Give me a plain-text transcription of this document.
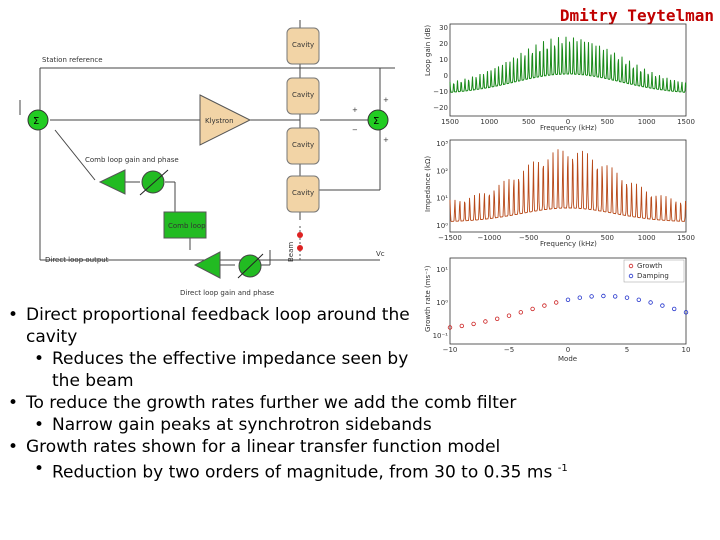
Dmitry Teytelman
Station reference
Σ	Klystron
Cavity
Cavity
Cavity
Cavity
Σ
+
+
+
−
Comb loop gain and phase
Comb loop
Direct loop output
Direct loop gain and phase
Beam	Vc
30
20
10
0
−10
−20
1500	1000	500	0	500	1000	1500
Loop gain (dB)
Frequency (kHz)
10³
10²
10¹
10⁰
−1500 −1000	−500	0	500	1000	1500
Impedance (kΩ)
Frequency (kHz)
10¹
10⁰
10⁻¹
−10	−5	0	5	10
Growth
Damping
Growth rate (ms⁻¹)
Mode
• Direct proportional feedback loop around the cavity
• Reduces the effective impedance seen by the beam
• To reduce the growth rates further we add the comb filter
• Narrow gain peaks at synchrotron sidebands
• Growth rates shown for a linear transfer function model
• Reduction by two orders of magnitude, from 30 to 0.35 ms $^{-1}$
